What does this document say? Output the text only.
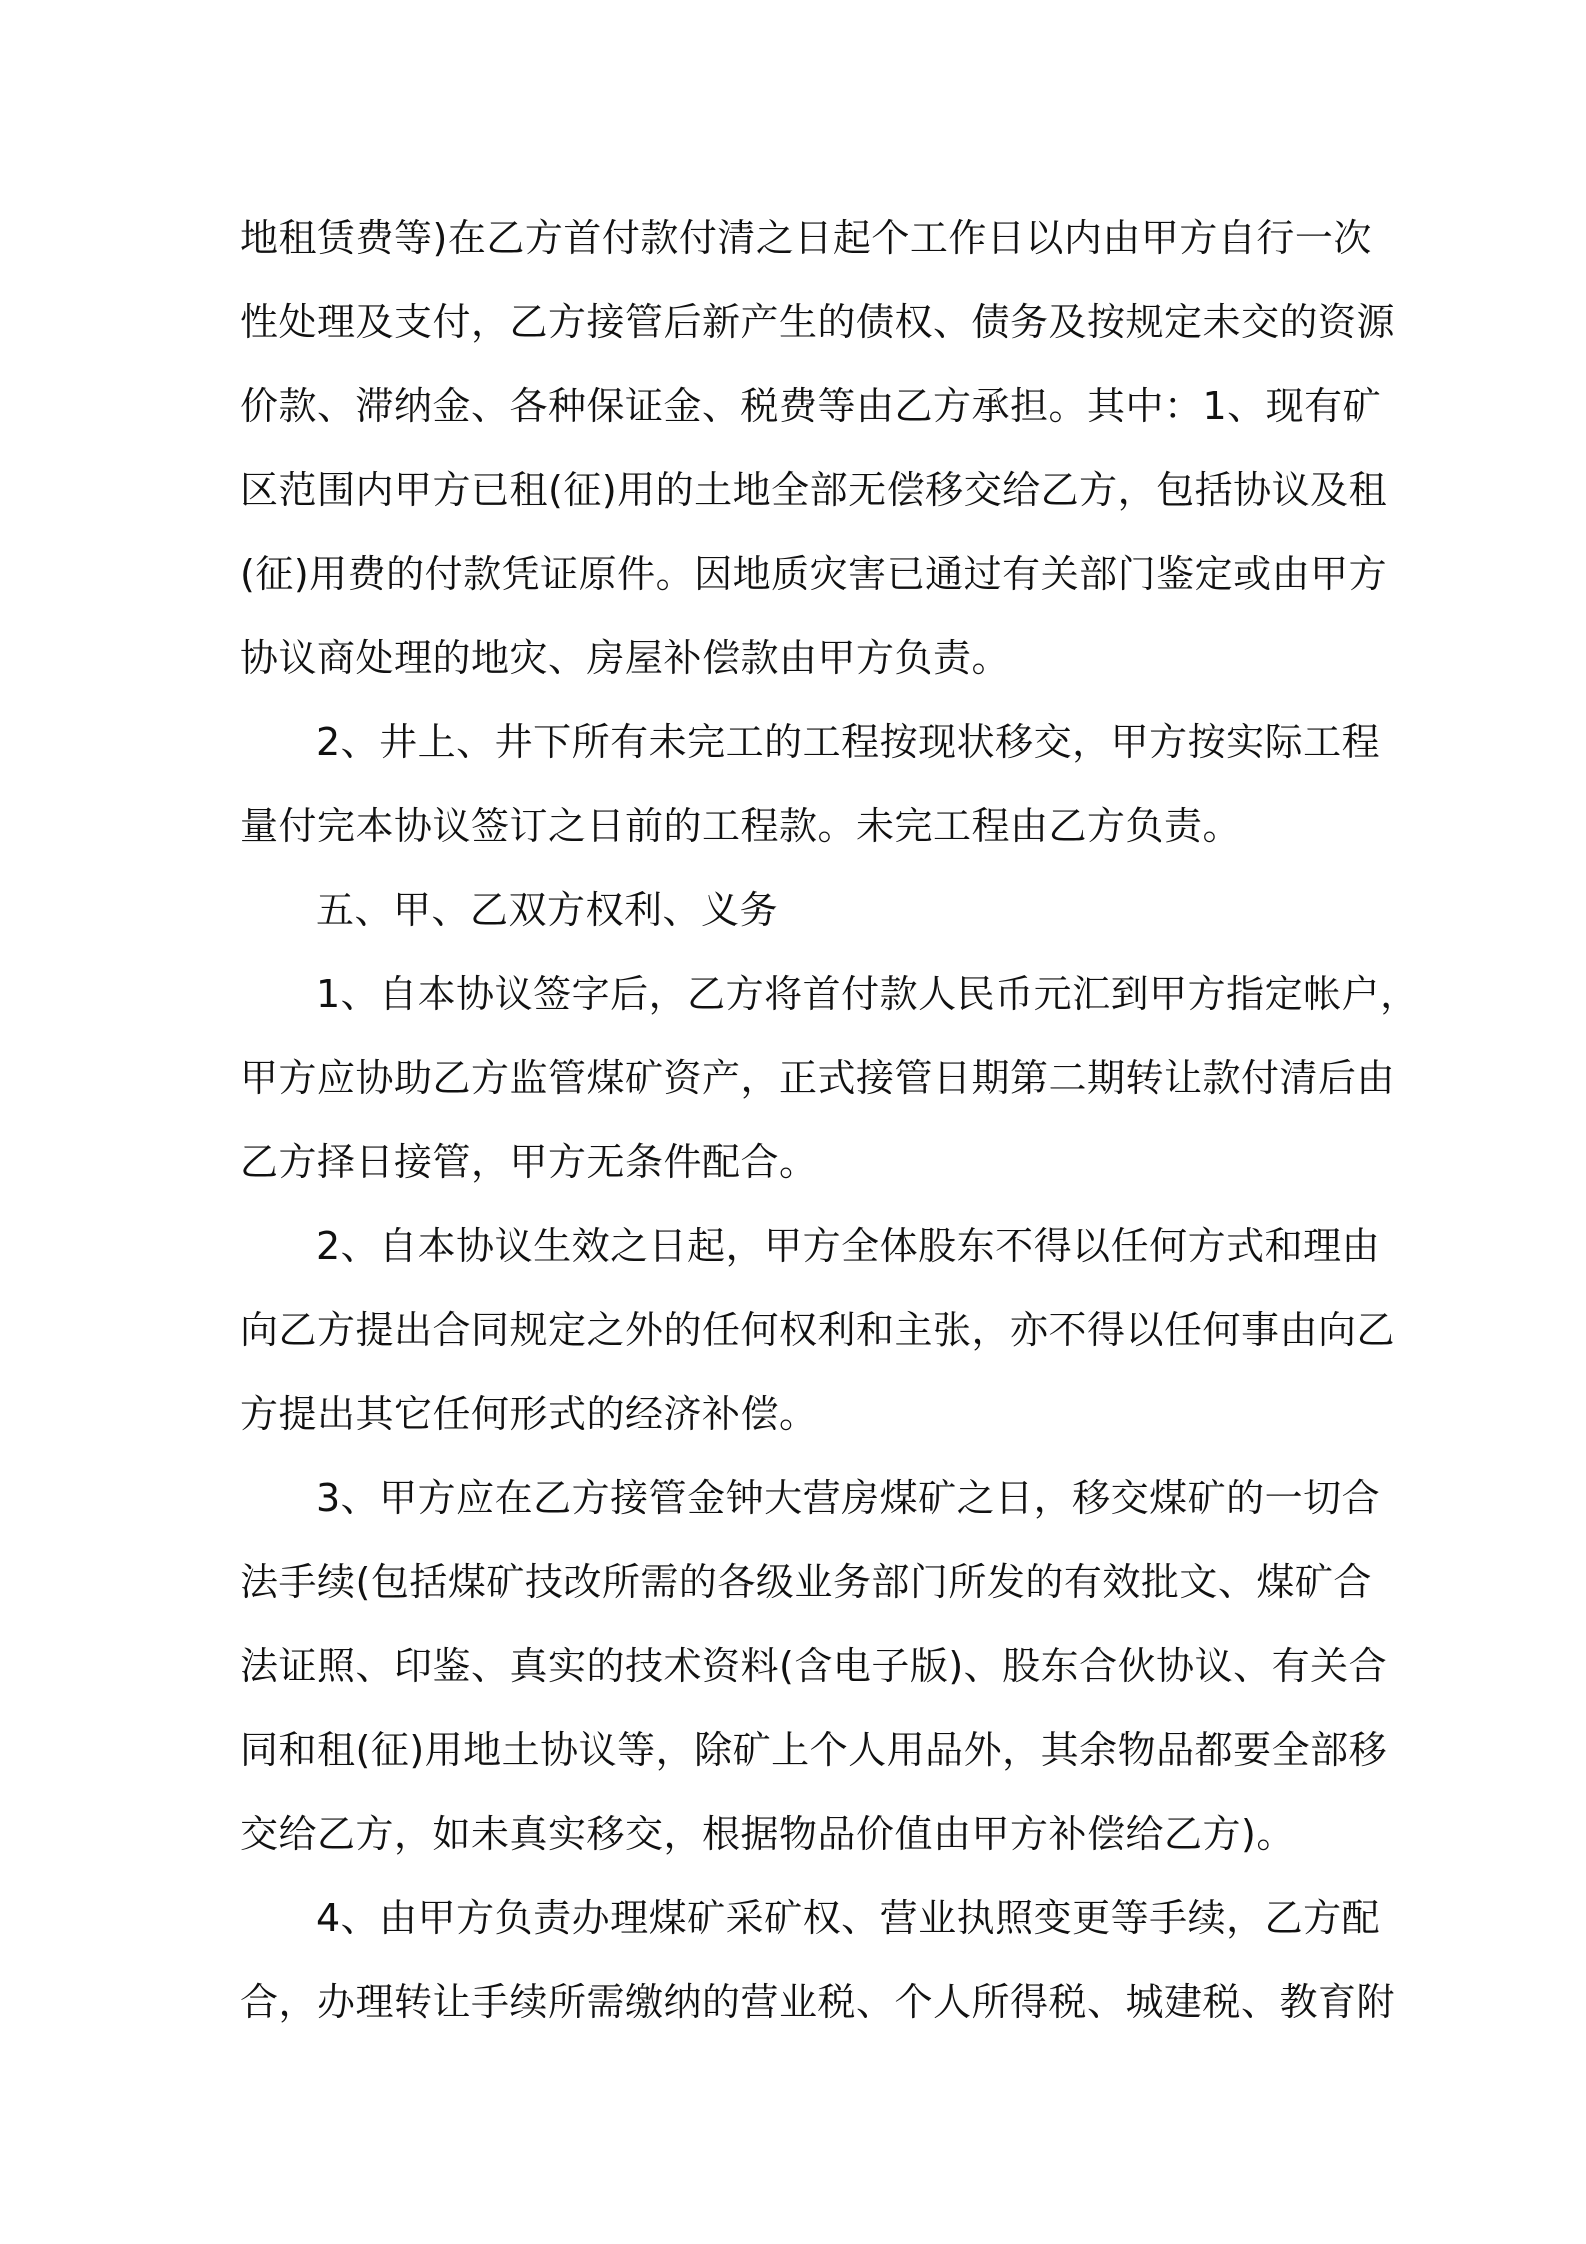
地租赁费等)在乙方首付款付清之日起个工作日以内由甲方自行一次
性处理及支付，乙方接管后新产生的债权、债务及按规定未交的资源
价款、滞纳金、各种保证金、税费等由乙方承担。其中：1、现有矿
区范围内甲方已租(征)用的土地全部无偿移交给乙方，包括协议及租
(征)用费的付款凭证原件。因地质灾害已通过有关部门鉴定或由甲方
协议商处理的地灾、房屋补偿款由甲方负责。
2、井上、井下所有未完工的工程按现状移交，甲方按实际工程
量付完本协议签订之日前的工程款。未完工程由乙方负责。
五、甲、乙双方权利、义务
1、自本协议签字后，乙方将首付款人民币元汇到甲方指定帐户，
甲方应协助乙方监管煤矿资产，正式接管日期第二期转让款付清后由
乙方择日接管，甲方无条件配合。
2、自本协议生效之日起，甲方全体股东不得以任何方式和理由
向乙方提出合同规定之外的任何权利和主张，亦不得以任何事由向乙
方提出其它任何形式的经济补偿。
3、甲方应在乙方接管金钟大营房煤矿之日，移交煤矿的一切合
法手续(包括煤矿技改所需的各级业务部门所发的有效批文、煤矿合
法证照、印鉴、真实的技术资料(含电子版)、股东合伙协议、有关合
同和租(征)用地土协议等，除矿上个人用品外，其余物品都要全部移
交给乙方，如未真实移交，根据物品价值由甲方补偿给乙方)。
4、由甲方负责办理煤矿采矿权、营业执照变更等手续，乙方配
合，办理转让手续所需缴纳的营业税、个人所得税、城建税、教育附
